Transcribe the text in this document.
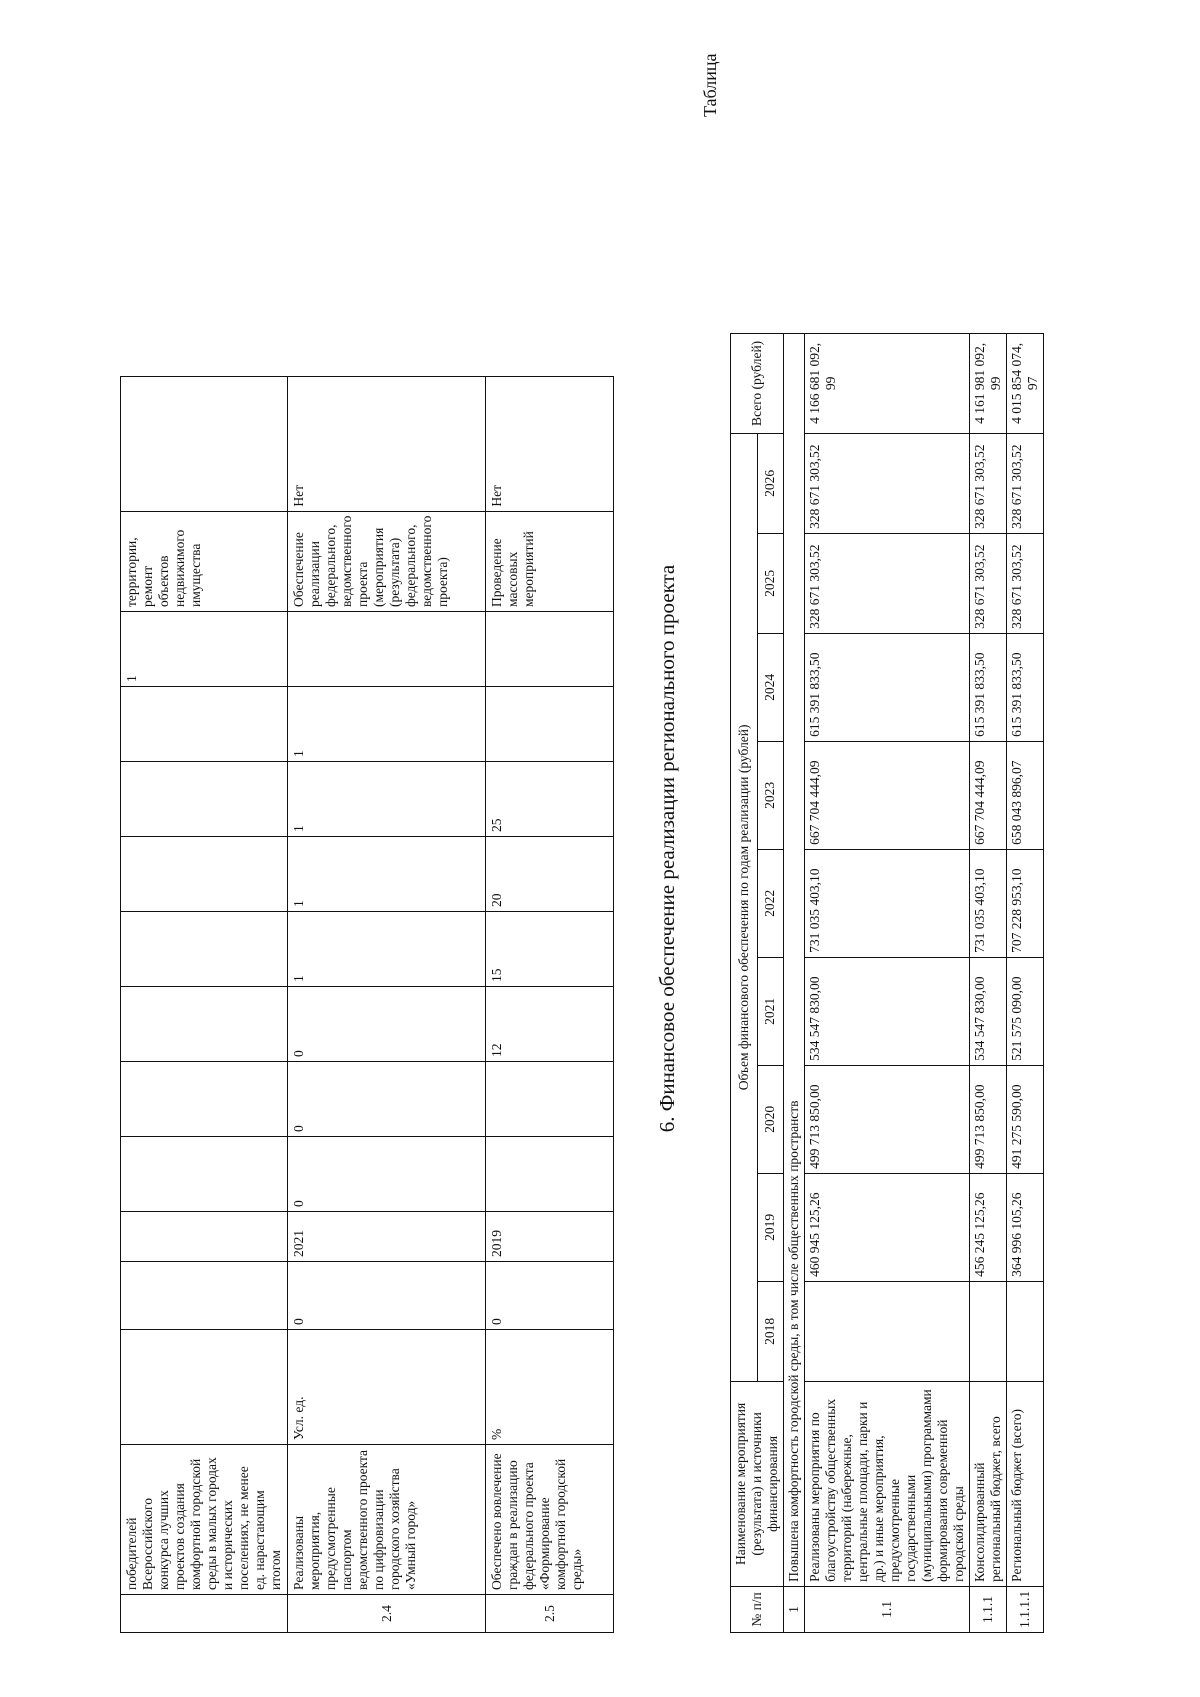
	победителей Всероссийского конкурса лучших проектов создания комфортной городской среды в малых городах и исторических поселениях, не менее ед. нарастающим итогом											1	территории, ремонт объектов недвижимого имущества	
2.4	Реализованы мероприятия, предусмотренные паспортом ведомственного проекта по цифровизации городского хозяйства «Умный город»	Усл. ед.	0	2021	0	0	0	1	1	1	1		Обеспечение реализации федерального, ведомственного проекта (мероприятия (результата) федерального, ведомственного проекта)	Нет
2.5	Обеспечено вовлечение граждан в реализацию федерального проекта «Формирование комфортной городской среды»	%	0	2019			12	15	20	25			Проведение массовых мероприятий	Нет
6. Финансовое обеспечение реализации регионального проекта
Таблица
№ п/п	Наименование мероприятия (результата) и источники финансирования	Объем финансового обеспечения по годам реализации (рублей)									Всего (рублей)
		2018	2019	2020	2021	2022	2023	2024	2025	2026	
1	Повышена комфортность городской среды, в том числе общественных пространств										
1.1	Реализованы мероприятия по благоустройству общественных территорий (набережные, центральные площади, парки и др.) и иные мероприятия, предусмотренные государственными (муниципальными) программами формирования современной городской среды		460 945 125,26	499 713 850,00	534 547 830,00	731 035 403,10	667 704 444,09	615 391 833,50	328 671 303,52	328 671 303,52	4 166 681 092, 99
1.1.1	Консолидированный региональный бюджет, всего		456 245 125,26	499 713 850,00	534 547 830,00	731 035 403,10	667 704 444,09	615 391 833,50	328 671 303,52	328 671 303,52	4 161 981 092, 99
1.1.1.1	Региональный бюджет (всего)		364 996 105,26	491 275 590,00	521 575 090,00	707 228 953,10	658 043 896,07	615 391 833,50	328 671 303,52	328 671 303,52	4 015 854 074, 97
